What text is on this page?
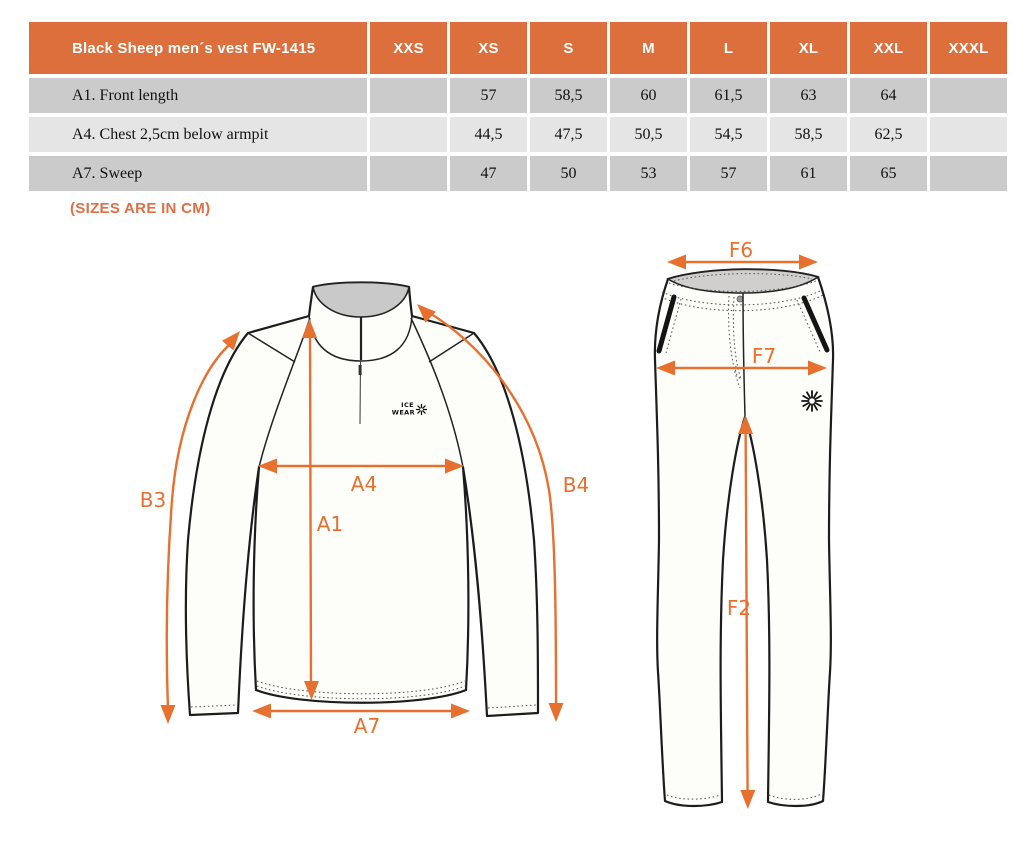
Black Sheep men´s vest FW-1415	XXS	XS	S	M	L	XL	XXL	XXXL
A1. Front length		57	58,5	60	61,5	63	64	
A4. Chest 2,5cm below armpit		44,5	47,5	50,5	54,5	58,5	62,5	
A7. Sweep		47	50	53	57	61	65	
(SIZES ARE IN CM)
ICE
WEAR
B3
A4
A1
B4
A7
F6
F7
F2
